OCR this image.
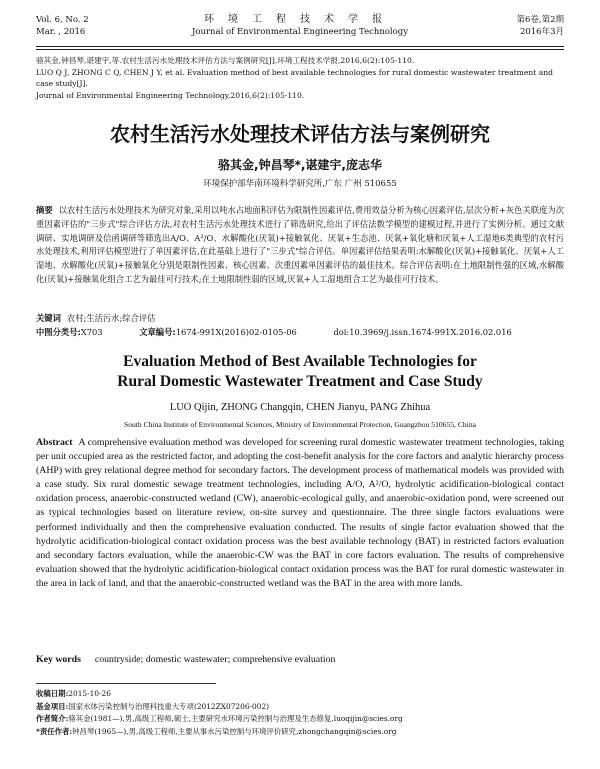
Vol. 6, No. 2
Mar. , 2016
环境工程技术学报
Journal of Environmental Engineering Technology
第6卷,第2期
2016年3月
骆其金,钟昌琴,谌建宇,等.农村生活污水处理技术评估方法与案例研究[J].环境工程技术学报,2016,6(2):105-110.
LUO Q J, ZHONG C Q, CHEN J Y, et al. Evaluation method of best available technologies for rural domestic wastewater treatment and case study[J].
Journal of Environmental Engineering Technology,2016,6(2):105-110.
农村生活污水处理技术评估方法与案例研究
骆其金,钟昌琴*,谌建宇,庞志华
环境保护部华南环境科学研究所,广东 广州 510655
摘要 以农村生活污水处理技术为研究对象,采用以吨水占地面积评估为限制性因素评估,费用效益分析为核心因素评估,层次分析+灰色关联度为次重因素评估的"三步式"综合评估方法,对农村生活污水处理技术进行了筛选研究,给出了评估法数学模型的建模过程,并进行了实例分析。通过文献调研、实地调研及信函调研等筛选出A/O、A²/O、水解酸化(厌氧)+接触氧化、厌氧+生态池、厌氧+氧化塘和厌氧+人工湿地6类典型的农村污水处理技术,利用评估模型进行了单因素评估,在此基础上进行了"三步式"综合评估。单因素评估结果表明:水解酸化(厌氧)+接触氧化、厌氧+人工湿地、水解酸化(厌氧)+接触氧化分别是限制性因素、核心因素、次重因素单因素评估的最佳技术。综合评估表明:在土地限制性强的区域,水解酸化(厌氧)+接触氧化组合工艺为最佳可行技术;在土地限制性弱的区域,厌氧+人工湿地组合工艺为最佳可行技术。
关键词 农村;生活污水;综合评估
中图分类号:X703	文章编号:1674-991X(2016)02-0105-06	doi:10.3969/j.issn.1674-991X.2016.02.016
Evaluation Method of Best Available Technologies for
Rural Domestic Wastewater Treatment and Case Study
LUO Qijin, ZHONG Changqin, CHEN Jianyu, PANG Zhihua
South China Institute of Environmental Sciences, Ministry of Environmental Protection, Guangzhou 510655, China
Abstract A comprehensive evaluation method was developed for screening rural domestic wastewater treatment technologies, taking per unit occupied area as the restricted factor, and adopting the cost-benefit analysis for the core factors and analytic hierarchy process (AHP) with grey relational degree method for secondary factors. The development process of mathematical models was provided with a case study. Six rural domestic sewage treatment technologies, including A/O, A²/O, hydrolytic acidification-biological contact oxidation process, anaerobic-constructed wetland (CW), anaerobic-ecological gully, and anaerobic-oxidation pond, were screened out as typical technologies based on literature review, on-site survey and questionnaire. The three single factors evaluations were performed individually and then the comprehensive evaluation conducted. The results of single factor evaluation showed that the hydrolytic acidification-biological contact oxidation process was the best available technology (BAT) in restricted factors evaluation and secondary factors evaluation, while the anaerobic-CW was the BAT in core factors evaluation. The results of comprehensive evaluation showed that the hydrolytic acidification-biological contact oxidation process was the BAT for rural domestic wastewater in the area in lack of land, and that the anaerobic-constructed wetland was the BAT in the area with more lands.
Key words countryside; domestic wastewater; comprehensive evaluation
收稿日期:2015-10-26
基金项目:国家水体污染控制与治理科技重大专项(2012ZX07206-002)
作者简介:骆其金(1981—),男,高级工程师,硕士,主要研究水环境污染控制与治理及生态修复,luoqijin@scies.org
*责任作者:钟昌琴(1965—),男,高级工程师,主要从事水污染控制与环境评价研究,zhongchangqin@scies.org
